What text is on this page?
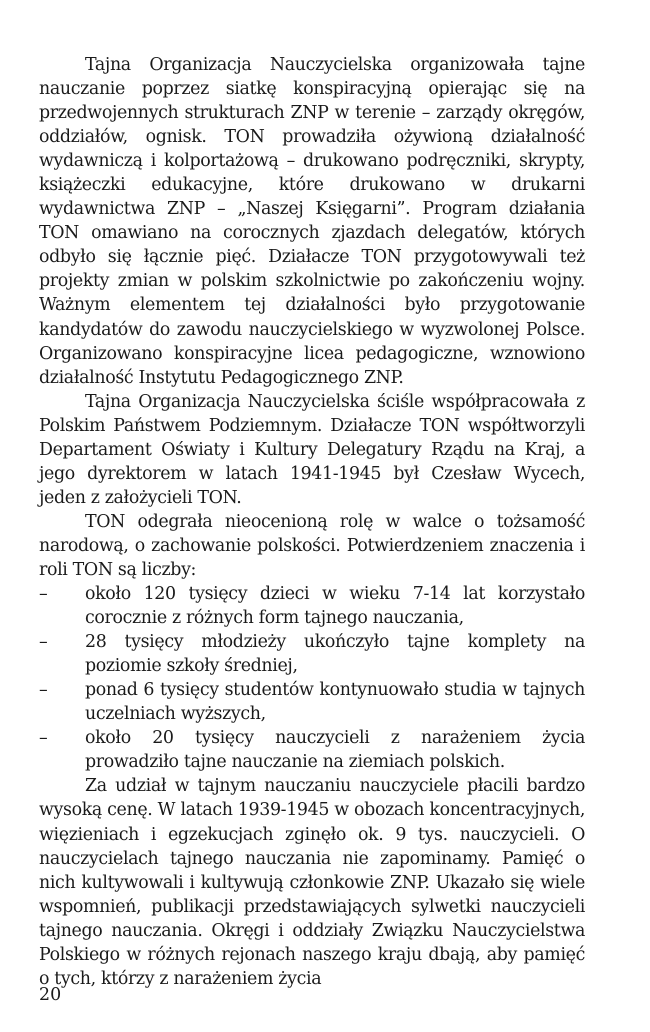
Tajna Organizacja Nauczycielska organizowała tajne nauczanie poprzez siatkę konspiracyjną opierając się na przedwojennych strukturach ZNP w terenie – zarządy okręgów, oddziałów, ognisk. TON prowadziła ożywioną działalność wydawniczą i kolportażową – drukowano podręczniki, skrypty, książeczki edukacyjne, które drukowano w drukarni wydawnictwa ZNP – „Naszej Księgarni”. Program działania TON omawiano na corocznych zjazdach delegatów, których odbyło się łącznie pięć. Działacze TON przygotowywali też projekty zmian w polskim szkolnictwie po zakończeniu wojny. Ważnym elementem tej działalności było przygotowanie kandydatów do zawodu nauczycielskiego w wyzwolonej Polsce. Organizowano konspiracyjne licea pedagogiczne, wznowiono działalność Instytutu Pedagogicznego ZNP.

Tajna Organizacja Nauczycielska ściśle współpracowała z Polskim Państwem Podziemnym. Działacze TON współtworzyli Departament Oświaty i Kultury Delegatury Rządu na Kraj, a jego dyrektorem w latach 1941-1945 był Czesław Wycech, jeden z założycieli TON.

TON odegrała nieocenioną rolę w walce o tożsamość narodową, o zachowanie polskości. Potwierdzeniem znaczenia i roli TON są liczby:

–	około 120 tysięcy dzieci w wieku 7-14 lat korzystało corocznie z różnych form tajnego nauczania,
–	28 tysięcy młodzieży ukończyło tajne komplety na poziomie szkoły średniej,
–	ponad 6 tysięcy studentów kontynuowało studia w tajnych uczelniach wyższych,
–	około 20 tysięcy nauczycieli z narażeniem życia prowadziło tajne nauczanie na ziemiach polskich.

Za udział w tajnym nauczaniu nauczyciele płacili bardzo wysoką cenę. W latach 1939-1945 w obozach koncentracyjnych, więzieniach i egzekucjach zginęło ok. 9 tys. nauczycieli. O nauczycielach tajnego nauczania nie zapominamy. Pamięć o nich kultywowali i kultywują członkowie ZNP. Ukazało się wiele wspomnień, publikacji przedstawiających sylwetki nauczycieli tajnego nauczania. Okręgi i oddziały Związku Nauczycielstwa Polskiego w różnych rejonach naszego kraju dbają, aby pamięć o tych, którzy z narażeniem życia

20
